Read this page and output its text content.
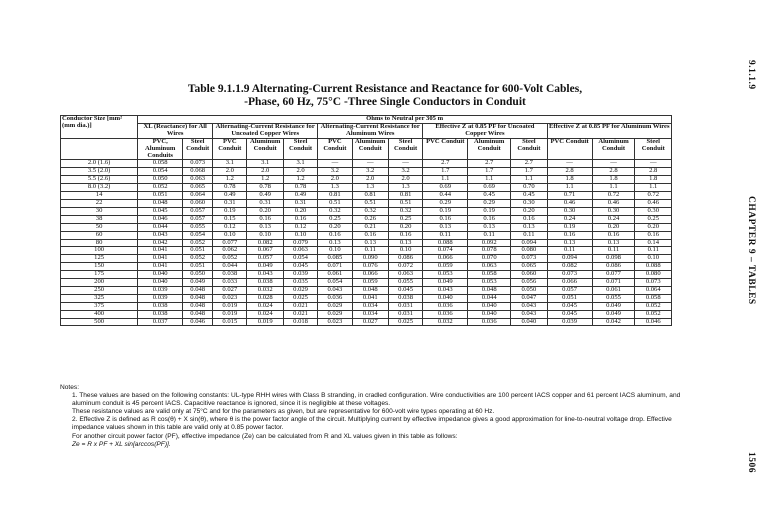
Table 9.1.1.9 Alternating-Current Resistance and Reactance for 600-Volt Cables,
-Phase, 60 Hz, 75°C -Three Single Conductors in Conduit
Conductor Size [mm² (mm dia.)]	Ohms to Neutral per 305 m													
	XL (Reactance) for All Wires		Alternating-Current Resistance for Uncoated Copper Wires			Alternating-Current Resistance for Aluminum Wires			Effective Z at 0.85 PF for Uncoated Copper Wires			Effective Z at 0.85 PF for Aluminum Wires		
	PVC, Aluminum Conduits	Steel Conduit	PVC Conduit	Aluminum Conduit	Steel Conduit	PVC Conduit	Aluminum Conduit	Steel Conduit	PVC Conduit	Aluminum Conduit	Steel Conduit	PVC Conduit	Aluminum Conduit	Steel Conduit
2.0 (1.6)	0.058	0.073	3.1	3.1	3.1	—	—	—	2.7	2.7	2.7	—	—	—
3.5 (2.0)	0.054	0.068	2.0	2.0	2.0	3.2	3.2	3.2	1.7	1.7	1.7	2.8	2.8	2.8
5.5 (2.6)	0.050	0.063	1.2	1.2	1.2	2.0	2.0	2.0	1.1	1.1	1.1	1.8	1.8	1.8
8.0 (3.2)	0.052	0.065	0.78	0.78	0.78	1.3	1.3	1.3	0.69	0.69	0.70	1.1	1.1	1.1
14	0.051	0.064	0.49	0.49	0.49	0.81	0.81	0.81	0.44	0.45	0.45	0.71	0.72	0.72
22	0.048	0.060	0.31	0.31	0.31	0.51	0.51	0.51	0.29	0.29	0.30	0.46	0.46	0.46
30	0.045	0.057	0.19	0.20	0.20	0.32	0.32	0.32	0.19	0.19	0.20	0.30	0.30	0.30
38	0.046	0.057	0.15	0.16	0.16	0.25	0.26	0.25	0.16	0.16	0.16	0.24	0.24	0.25
50	0.044	0.055	0.12	0.13	0.12	0.20	0.21	0.20	0.13	0.13	0.13	0.19	0.20	0.20
60	0.043	0.054	0.10	0.10	0.10	0.16	0.16	0.16	0.11	0.11	0.11	0.16	0.16	0.16
80	0.042	0.052	0.077	0.082	0.079	0.13	0.13	0.13	0.088	0.092	0.094	0.13	0.13	0.14
100	0.041	0.051	0.062	0.067	0.063	0.10	0.11	0.10	0.074	0.078	0.080	0.11	0.11	0.11
125	0.041	0.052	0.052	0.057	0.054	0.085	0.090	0.086	0.066	0.070	0.073	0.094	0.098	0.10
150	0.041	0.051	0.044	0.049	0.045	0.071	0.076	0.072	0.059	0.063	0.065	0.082	0.086	0.088
175	0.040	0.050	0.038	0.043	0.039	0.061	0.066	0.063	0.053	0.058	0.060	0.073	0.077	0.080
200	0.040	0.049	0.033	0.038	0.035	0.054	0.059	0.055	0.049	0.053	0.056	0.066	0.071	0.073
250	0.039	0.048	0.027	0.032	0.029	0.043	0.048	0.045	0.043	0.048	0.050	0.057	0.061	0.064
325	0.039	0.048	0.023	0.028	0.025	0.036	0.041	0.038	0.040	0.044	0.047	0.051	0.055	0.058
375	0.038	0.048	0.019	0.024	0.021	0.029	0.034	0.031	0.036	0.040	0.043	0.045	0.049	0.052
400	0.038	0.048	0.019	0.024	0.021	0.029	0.034	0.031	0.036	0.040	0.043	0.045	0.049	0.052
500	0.037	0.046	0.015	0.019	0.018	0.023	0.027	0.025	0.032	0.036	0.040	0.039	0.042	0.046

Notes:

1. These values are based on the following constants: UL-type RHH wires with Class B stranding, in cradled configuration. Wire conductivities are 100 percent IACS copper and 61 percent IACS aluminum, and aluminum conduit is 45 percent IACS. Capacitive reactance is ignored, since it is negligible at these voltages.

These resistance values are valid only at 75°C and for the parameters as given, but are representative for 600-volt wire types operating at 60 Hz.

2. Effective Z is defined as R cos(θ) + X sin(θ), where θ is the power factor angle of the circuit. Multiplying current by effective impedance gives a good approximation for line-to-neutral voltage drop. Effective impedance values shown in this table are valid only at 0.85 power factor.

For another circuit power factor (PF), effective impedance (Ze) can be calculated from R and XL values given in this table as follows:

Ze = R x PF + XL sin[arccos(PF)].

9.1.1.9
CHAPTER 9 – TABLES
1506
